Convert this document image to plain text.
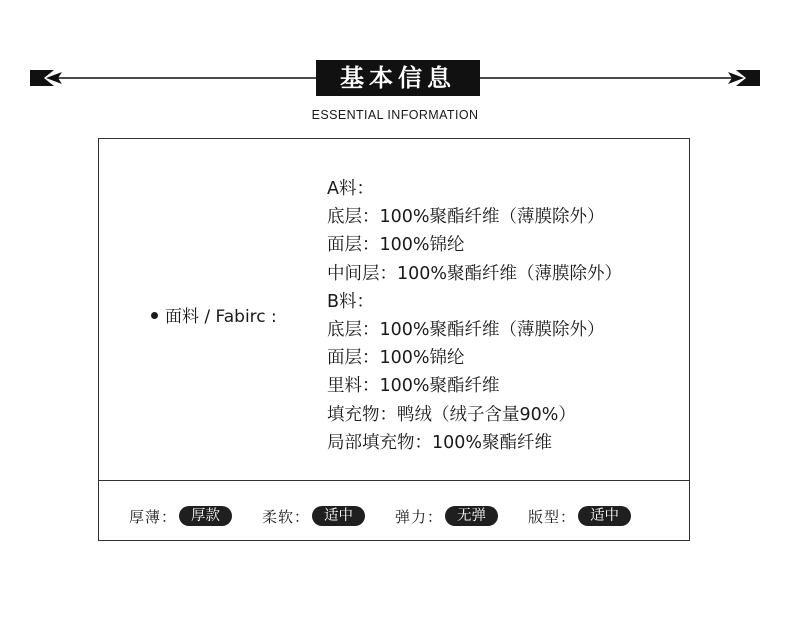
基本信息
ESSENTIAL INFORMATION
面料 / Fabirc :
A料：
底层：100%聚酯纤维（薄膜除外）
面层：100%锦纶
中间层：100%聚酯纤维（薄膜除外）
B料：
底层：100%聚酯纤维（薄膜除外）
面层：100%锦纶
里料：100%聚酯纤维
填充物：鸭绒（绒子含量90%）
局部填充物：100%聚酯纤维
厚薄： 厚款	柔软： 适中	弹力： 无弹	版型： 适中
